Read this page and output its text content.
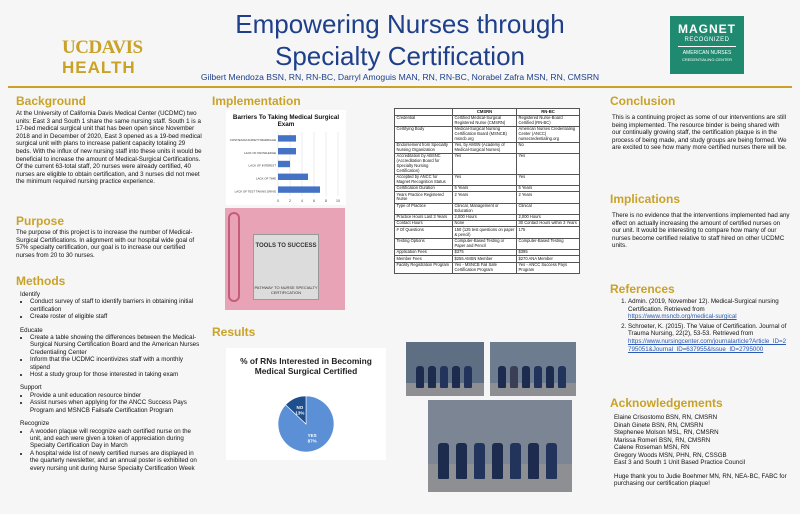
UCDAVIS
HEALTH
Empowering Nurses through
Specialty Certification
Gilbert Mendoza BSN, RN, RN-BC, Darryl Amoguis MAN, RN, RN-BC, Norabel Zafra MSN, RN, CMSRN
MAGNET
RECOGNIZED
AMERICAN NURSES
CREDENTIALING CENTER
Background
At the University of California Davis Medical Center (UCDMC) two units: East 3 and South 1 share the same nursing staff. South 1 is a 17-bed medical surgical unit that has been open since November 2018 and in December of 2020, East 3 opened as a 19-bed medical surgical unit with plans to increase patient capacity totaling 29 beds. With the influx of new nursing staff into these units it would be beneficial to increase the amount of Medical-Surgical Certifications. Of the current 63-total staff, 20 nurses were already certified, 40 nurses are eligible to obtain certification, and 3 nurses did not meet the minimum required nursing practice experience.
Purpose
The purpose of this project is to increase the number of Medical-Surgical Certifications. In alignment with our hospital wide goal of 57% specialty certification, our goal is to increase our certified nurses from 20 to 30 nurses.
Methods
Identify
• Conduct survey of staff to identify barriers in obtaining initial certification
• Create roster of eligible staff
Educate
• Create a table showing the differences between the Medical-Surgical Nursing Certification Board and the American Nurses Credentialing Center
• Inform that the UCDMC incentivizes staff with a monthly stipend
• Host a study group for those interested in taking exam
Support
• Provide a unit education resource binder
• Assist nurses when applying for the ANCC Success Pays Program and MSNCB Failsafe Certification Program
Recognize
• A wooden plaque will recognize each certified nurse on the unit, and each were given a token of appreciation during Specialty Certification Day in March
• A hospital wide list of newly certified nurses are displayed in the quarterly newsletter, and an annual poster is exhibited on every nursing unit during Nurse Specialty Certification Week
Implementation
Barriers To Taking Medical Surgical Exam
0	2	4	6	8	10
COST/EXAM ANXIETY/MARRIAGE
LACK OF KNOWLEDGE
LACK OF INTEREST
LACK OF TIME
LACK OF TEST TAKING DRIVE
TOOLS TO SUCCESS
PATHWAY TO NURSE SPECIALTY CERTIFICATION
	CMSRN	RN-BC
Credential	Certified Medical-Surgical Registered Nurse (CMSRN)	Registered Nurse-Board Certified (RN-BC)
Certifying Body	Medical-Surgical Nursing Certification Board (MSNCB) msncb.org	American Nurses Credentialing Center (ANCC) nursecredentialing.org
Endorsement from Specialty Nursing Organization	Yes, by AMSN (Academy of Medical-Surgical Nurses)	No
Accreditation by ABSNC (Accreditation Board for Specialty Nursing Certification)	Yes	Yes
Accepted by ANCC for Magnet Recognition Status	Yes	Yes
Certification Duration	5 Years	5 Years
Years Practice Registered Nurse	2 Years	2 Years
Type of Practice	Clinical, Management or Education	Clinical
Practice Hours Last 3 Years	2,000 Hours	2,000 Hours
Contact Hours	None	30 Contact Hours within 3 Years
# Of Questions	150 (125 test questions on paper & pencil)	175
Testing Options	Computer-Based Testing or Paper and Pencil	Computer-Based Testing
Application Fees	$375	$395
Member Fees	$255 AMSN Member	$270 ANA Member
Facility Registration Program	Yes - MSNCB Fail Safe Certification Program	Yes - ANCC Success Pays Program
Results
% of RNs Interested in Becoming Medical Surgical Certified
YES
87%
NO
13%
Conclusion
This is a continuing project as some of our interventions are still being implemented. The resource binder is being shared with our continually growing staff, the certification plaque is in the process of being made, and study groups are being formed. We are excited to see how many more certified nurses there will be.
Implications
There is no evidence that the interventions implemented had any effect on actually increasing the amount of certified nurses on our unit. It would be interesting to compare how many of our nurses become certified relative to staff hired on other UCDMC units.
References
1. Admin. (2019, November 12). Medical-Surgical nursing Certification. Retrieved from
https://www.msncb.org/medical-surgical
2. Schroeter, K. (2015). The Value of Certification. Journal of Trauma Nursing, 22(2), 53-53. Retrieved from
https://www.nursingcenter.com/journalarticle?Article_ID=2795051&Journal_ID=637955&Issue_ID=2795000
Acknowledgements
Elaine Crisostomo BSN, RN, CMSRN
Dinah Ginete BSN, RN, CMSRN
Stephenee Molson MSL, RN, CMSRN
Marissa Romeri BSN, RN, CMSRN
Calene Roseman MSN, RN
Gregory Woods MSN, PHN, RN, CSSGB
East 3 and South 1 Unit Based Practice Council
Huge thank you to Judie Boehmer MN, RN, NEA-BC, FABC for purchasing our certification plaque!
